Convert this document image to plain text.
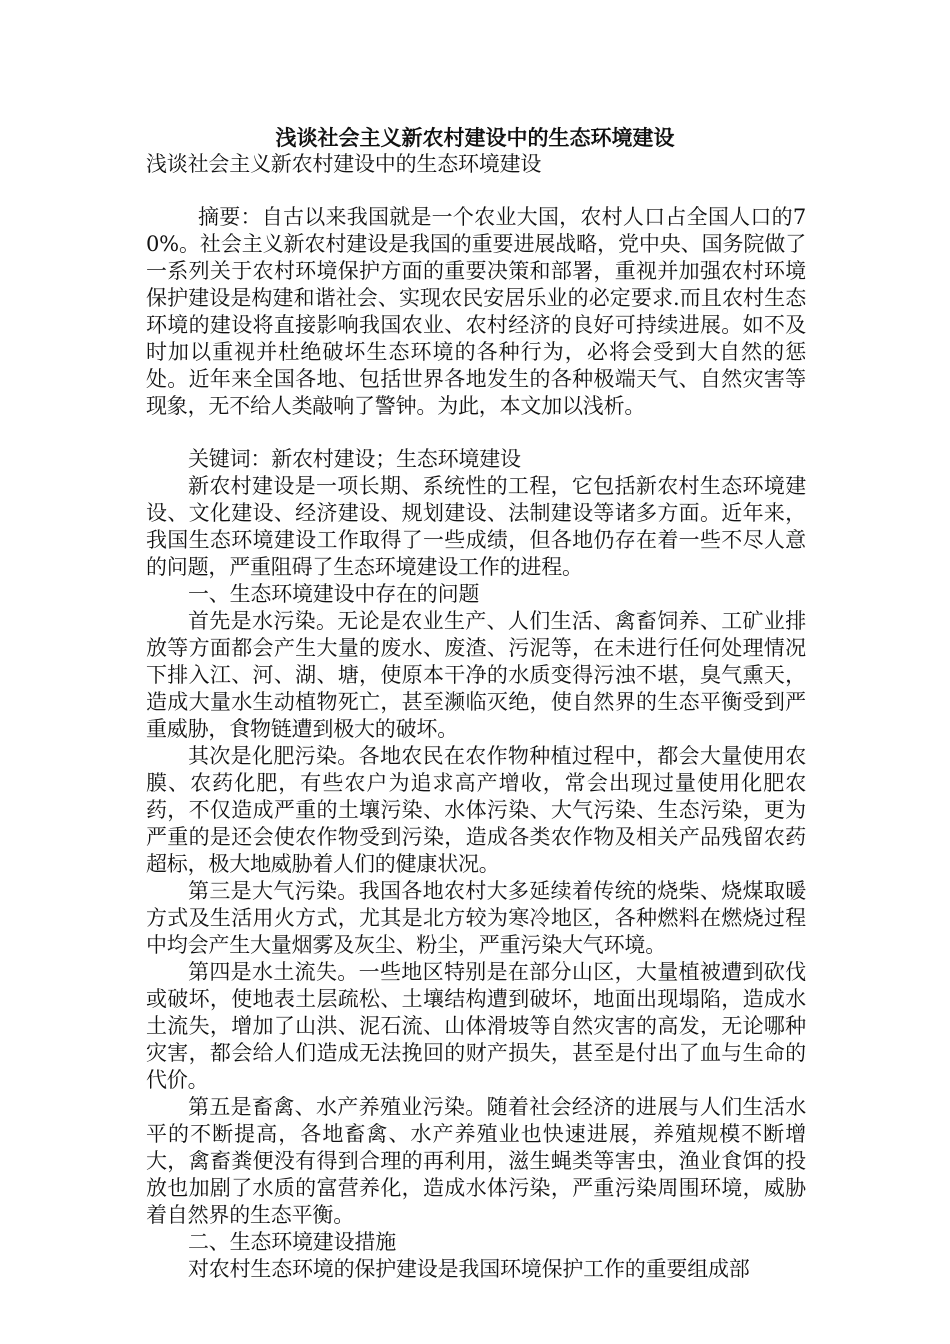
浅谈社会主义新农村建设中的生态环境建设

浅谈社会主义新农村建设中的生态环境建设

摘要：自古以来我国就是一个农业大国，农村人口占全国人口的70%。社会主义新农村建设是我国的重要进展战略，党中央、国务院做了一系列关于农村环境保护方面的重要决策和部署，重视并加强农村环境保护建设是构建和谐社会、实现农民安居乐业的必定要求.而且农村生态环境的建设将直接影响我国农业、农村经济的良好可持续进展。如不及时加以重视并杜绝破坏生态环境的各种行为，必将会受到大自然的惩处。近年来全国各地、包括世界各地发生的各种极端天气、自然灾害等现象，无不给人类敲响了警钟。为此，本文加以浅析。

关键词：新农村建设；生态环境建设

新农村建设是一项长期、系统性的工程，它包括新农村生态环境建设、文化建设、经济建设、规划建设、法制建设等诸多方面。近年来，我国生态环境建设工作取得了一些成绩，但各地仍存在着一些不尽人意的问题，严重阻碍了生态环境建设工作的进程。

一、生态环境建设中存在的问题

首先是水污染。无论是农业生产、人们生活、禽畜饲养、工矿业排放等方面都会产生大量的废水、废渣、污泥等，在未进行任何处理情况下排入江、河、湖、塘，使原本干净的水质变得污浊不堪，臭气熏天，造成大量水生动植物死亡，甚至濒临灭绝，使自然界的生态平衡受到严重威胁，食物链遭到极大的破坏。

其次是化肥污染。各地农民在农作物种植过程中，都会大量使用农膜、农药化肥，有些农户为追求高产增收，常会出现过量使用化肥农药，不仅造成严重的土壤污染、水体污染、大气污染、生态污染，更为严重的是还会使农作物受到污染，造成各类农作物及相关产品残留农药超标，极大地威胁着人们的健康状况。

第三是大气污染。我国各地农村大多延续着传统的烧柴、烧煤取暖方式及生活用火方式，尤其是北方较为寒冷地区，各种燃料在燃烧过程中均会产生大量烟雾及灰尘、粉尘，严重污染大气环境。

第四是水土流失。一些地区特别是在部分山区，大量植被遭到砍伐或破坏，使地表土层疏松、土壤结构遭到破坏，地面出现塌陷，造成水土流失，增加了山洪、泥石流、山体滑坡等自然灾害的高发，无论哪种灾害，都会给人们造成无法挽回的财产损失，甚至是付出了血与生命的代价。

第五是畜禽、水产养殖业污染。随着社会经济的进展与人们生活水平的不断提高，各地畜禽、水产养殖业也快速进展，养殖规模不断增大，禽畜粪便没有得到合理的再利用，滋生蝇类等害虫，渔业食饵的投放也加剧了水质的富营养化，造成水体污染，严重污染周围环境，威胁着自然界的生态平衡。

二、生态环境建设措施

对农村生态环境的保护建设是我国环境保护工作的重要组成部
